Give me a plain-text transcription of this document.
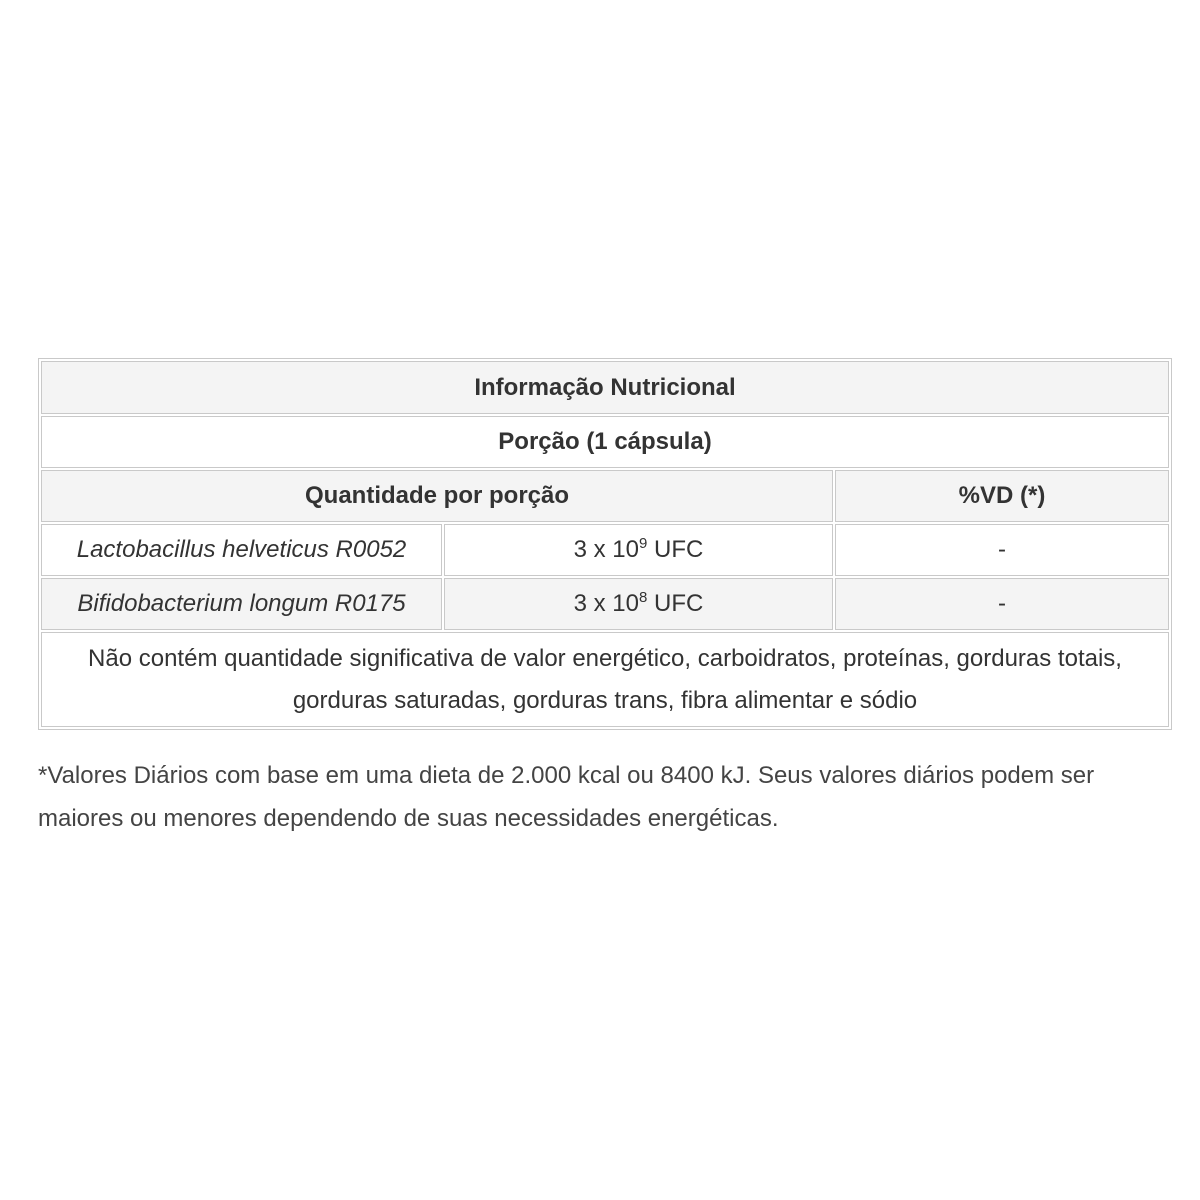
Informação Nutricional		
Porção (1 cápsula)		
Quantidade por porção		%VD (*)
Lactobacillus helveticus R0052	3 x $10^9$ UFC	-
Bifidobacterium longum R0175	3 x $10^8$ UFC	-
Não contém quantidade significativa de valor energético, carboidratos, proteínas, gorduras totais, gorduras saturadas, gorduras trans, fibra alimentar e sódio		
*Valores Diários com base em uma dieta de 2.000 kcal ou 8400 kJ. Seus valores diários podem ser maiores ou menores dependendo de suas necessidades energéticas.
